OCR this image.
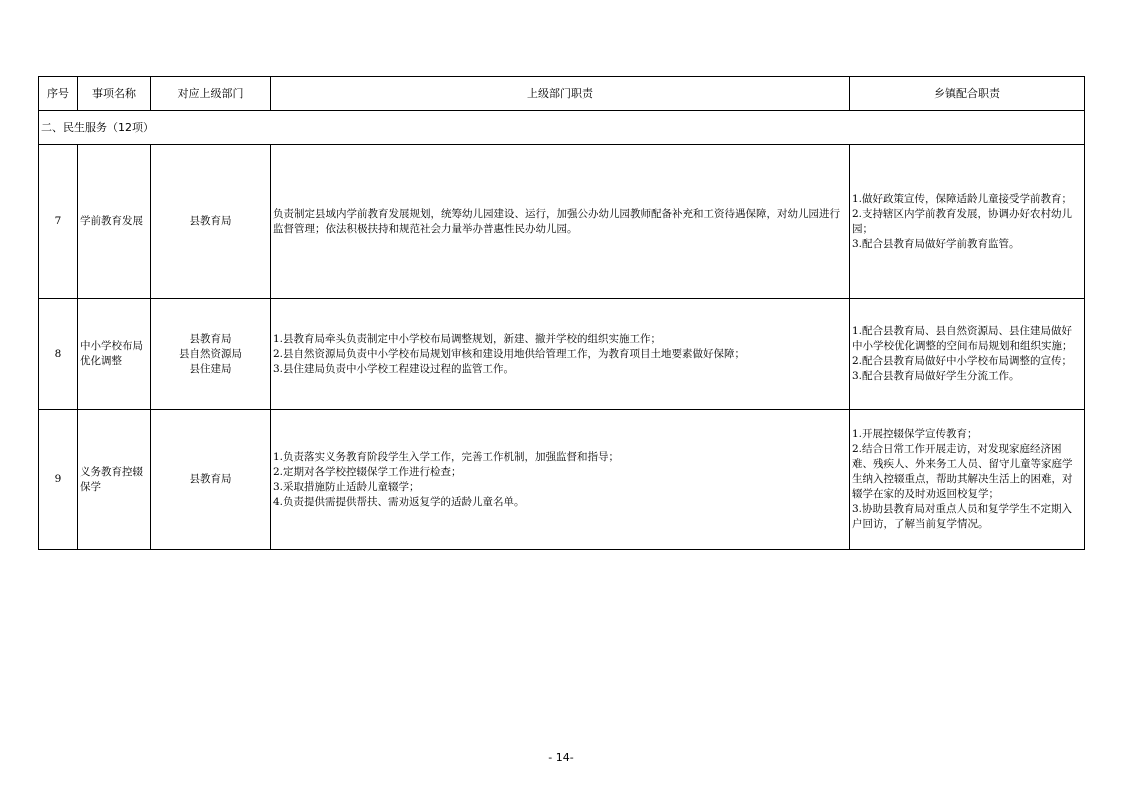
序号	事项名称	对应上级部门	上级部门职责	乡镇配合职责
二、民生服务（12项）				
7	学前教育发展	县教育局	负责制定县域内学前教育发展规划，统筹幼儿园建设、运行，加强公办幼儿园教师配备补充和工资待遇保障，对幼儿园进行监督管理；依法积极扶持和规范社会力量举办普惠性民办幼儿园。	1.做好政策宣传，保障适龄儿童接受学前教育；
2.支持辖区内学前教育发展，协调办好农村幼儿园；
3.配合县教育局做好学前教育监管。

8	中小学校布局优化调整	县教育局
县自然资源局
县住建局	1.县教育局牵头负责制定中小学校布局调整规划，新建、撤并学校的组织实施工作；
2.县自然资源局负责中小学校布局规划审核和建设用地供给管理工作，为教育项目土地要素做好保障；
3.县住建局负责中小学校工程建设过程的监管工作。	1.配合县教育局、县自然资源局、县住建局做好中小学校优化调整的空间布局规划和组织实施；
2.配合县教育局做好中小学校布局调整的宣传；
3.配合县教育局做好学生分流工作。

9	义务教育控辍保学	县教育局	1.负责落实义务教育阶段学生入学工作，完善工作机制，加强监督和指导；
2.定期对各学校控辍保学工作进行检查；
3.采取措施防止适龄儿童辍学；
4.负责提供需提供帮扶、需劝返复学的适龄儿童名单。	1.开展控辍保学宣传教育；
2.结合日常工作开展走访，对发现家庭经济困难、残疾人、外来务工人员、留守儿童等家庭学生纳入控辍重点，帮助其解决生活上的困难，对辍学在家的及时劝返回校复学；
3.协助县教育局对重点人员和复学学生不定期入户回访，了解当前复学情况。
- 14-
